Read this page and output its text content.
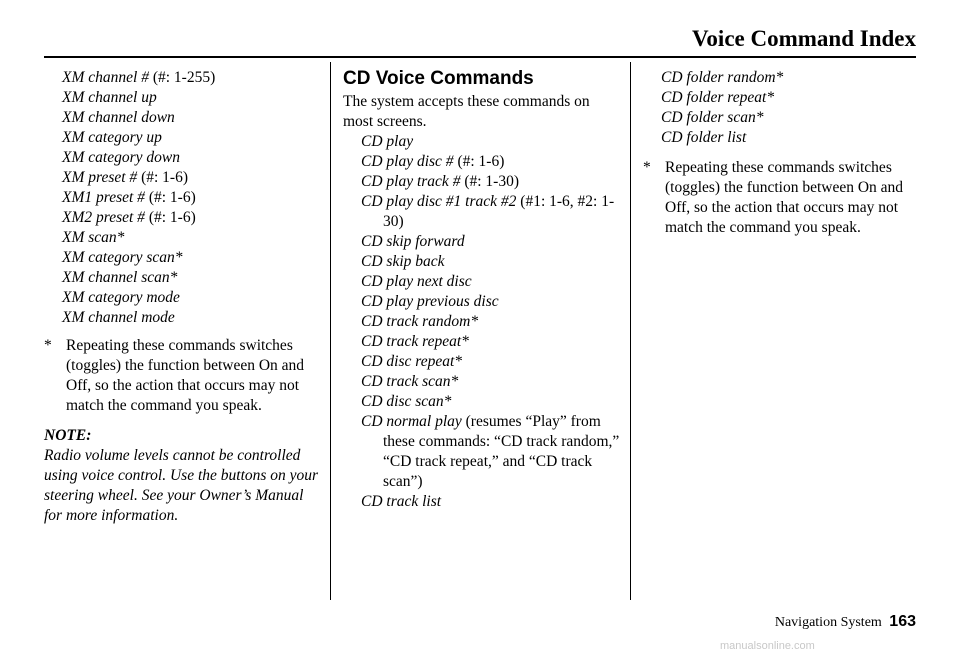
Voice Command Index
XM channel # (#: 1-255)
XM channel up
XM channel down
XM category up
XM category down
XM preset # (#: 1-6)
XM1 preset # (#: 1-6)
XM2 preset # (#: 1-6)
XM scan*
XM category scan*
XM channel scan*
XM category mode
XM channel mode
* Repeating these commands switches (toggles) the function between On and Off, so the action that occurs may not match the command you speak.
NOTE:
Radio volume levels cannot be controlled using voice control. Use the buttons on your steering wheel. See your Owner’s Manual for more information.
CD Voice Commands
The system accepts these commands on most screens.
CD play
CD play disc # (#: 1-6)
CD play track # (#: 1-30)
CD play disc #1 track #2 (#1: 1-6, #2: 1-30)
CD skip forward
CD skip back
CD play next disc
CD play previous disc
CD track random*
CD track repeat*
CD disc repeat*
CD track scan*
CD disc scan*
CD normal play (resumes “Play” from these commands: “CD track random,” “CD track repeat,” and “CD track scan”)
CD track list
CD folder random*
CD folder repeat*
CD folder scan*
CD folder list
* Repeating these commands switches (toggles) the function between On and Off, so the action that occurs may not match the command you speak.
Navigation System 163
manualsonline.com
